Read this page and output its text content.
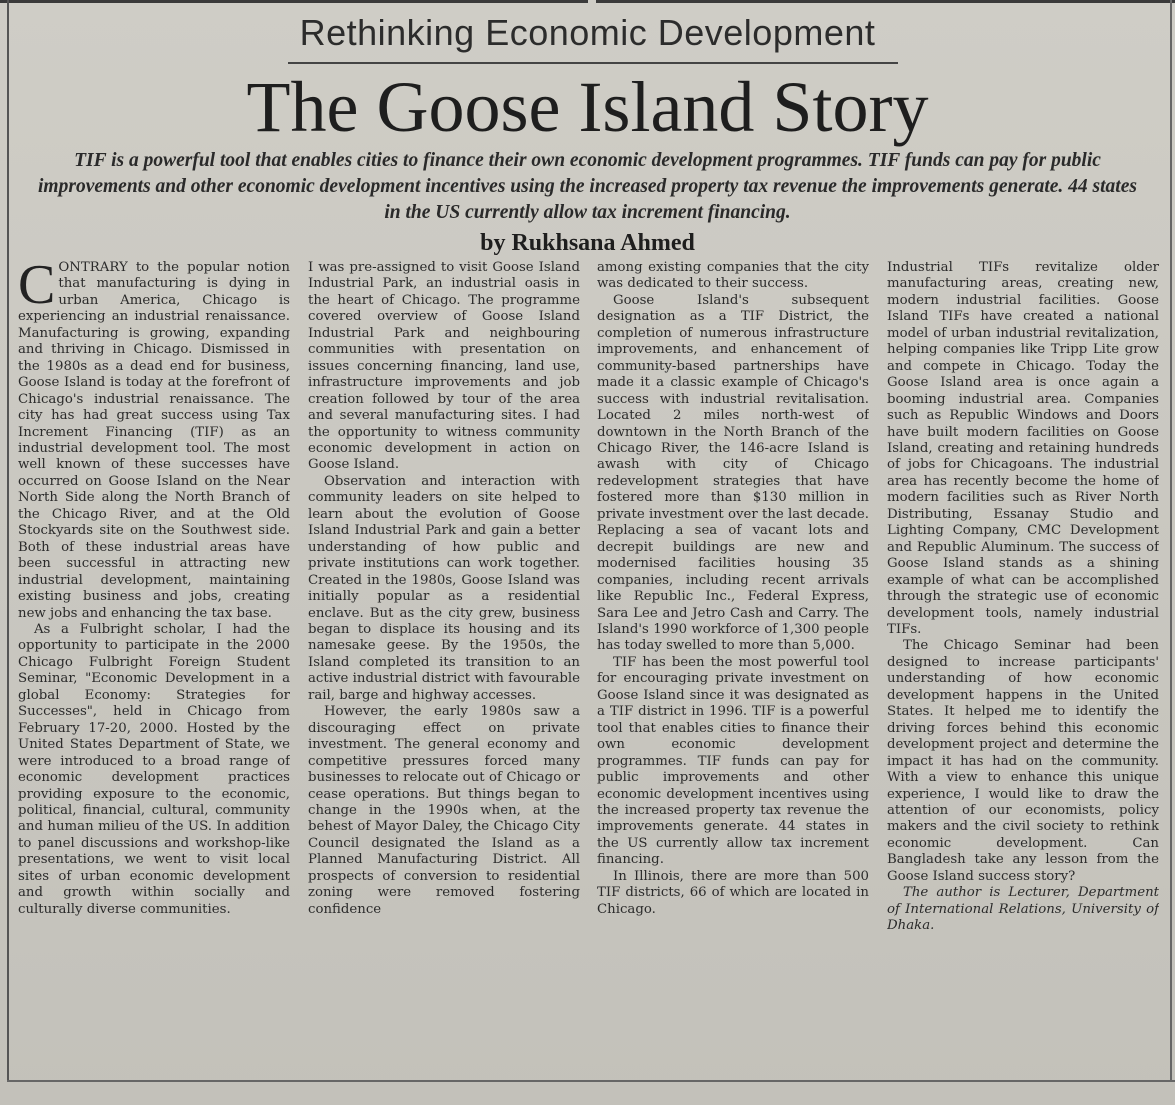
Rethinking Economic Development
The Goose Island Story
TIF is a powerful tool that enables cities to finance their own economic development programmes. TIF funds can pay for public improvements and other economic development incentives using the increased property tax revenue the improvements generate. 44 states in the US currently allow tax increment financing.
by Rukhsana Ahmed

CONTRARY to the popular notion that manufacturing is dying in urban America, Chicago is experiencing an industrial renaissance. Manufacturing is growing, expanding and thriving in Chicago. Dismissed in the 1980s as a dead end for business, Goose Island is today at the forefront of Chicago's industrial renaissance. The city has had great success using Tax Increment Financing (TIF) as an industrial development tool. The most well known of these successes have occurred on Goose Island on the Near North Side along the North Branch of the Chicago River, and at the Old Stockyards site on the Southwest side. Both of these industrial areas have been successful in attracting new industrial development, maintaining existing business and jobs, creating new jobs and enhancing the tax base.

As a Fulbright scholar, I had the opportunity to participate in the 2000 Chicago Fulbright Foreign Student Seminar, "Economic Development in a global Economy: Strategies for Successes", held in Chicago from February 17-20, 2000. Hosted by the United States Department of State, we were introduced to a broad range of economic development practices providing exposure to the economic, political, financial, cultural, community and human milieu of the US. In addition to panel discussions and workshop-like presentations, we went to visit local sites of urban economic development and growth within socially and culturally diverse communities.

I was pre-assigned to visit Goose Island Industrial Park, an industrial oasis in the heart of Chicago. The programme covered overview of Goose Island Industrial Park and neighbouring communities with presentation on issues concerning financing, land use, infrastructure improvements and job creation followed by tour of the area and several manufacturing sites. I had the opportunity to witness community economic development in action on Goose Island.

Observation and interaction with community leaders on site helped to learn about the evolution of Goose Island Industrial Park and gain a better understanding of how public and private institutions can work together. Created in the 1980s, Goose Island was initially popular as a residential enclave. But as the city grew, business began to displace its housing and its namesake geese. By the 1950s, the Island completed its transition to an active industrial district with favourable rail, barge and highway accesses.

However, the early 1980s saw a discouraging effect on private investment. The general economy and competitive pressures forced many businesses to relocate out of Chicago or cease operations. But things began to change in the 1990s when, at the behest of Mayor Daley, the Chicago City Council designated the Island as a Planned Manufacturing District. All prospects of conversion to residential zoning were removed fostering confidence

among existing companies that the city was dedicated to their success.

Goose Island's subsequent designation as a TIF District, the completion of numerous infrastructure improvements, and enhancement of community-based partnerships have made it a classic example of Chicago's success with industrial revitalisation. Located 2 miles north-west of downtown in the North Branch of the Chicago River, the 146-acre Island is awash with city of Chicago redevelopment strategies that have fostered more than $130 million in private investment over the last decade. Replacing a sea of vacant lots and decrepit buildings are new and modernised facilities housing 35 companies, including recent arrivals like Republic Inc., Federal Express, Sara Lee and Jetro Cash and Carry. The Island's 1990 workforce of 1,300 people has today swelled to more than 5,000.

TIF has been the most powerful tool for encouraging private investment on Goose Island since it was designated as a TIF district in 1996. TIF is a powerful tool that enables cities to finance their own economic development programmes. TIF funds can pay for public improvements and other economic development incentives using the increased property tax revenue the improvements generate. 44 states in the US currently allow tax increment financing.

In Illinois, there are more than 500 TIF districts, 66 of which are located in Chicago.

Industrial TIFs revitalize older manufacturing areas, creating new, modern industrial facilities. Goose Island TIFs have created a national model of urban industrial revitalization, helping companies like Tripp Lite grow and compete in Chicago. Today the Goose Island area is once again a booming industrial area. Companies such as Republic Windows and Doors have built modern facilities on Goose Island, creating and retaining hundreds of jobs for Chicagoans. The industrial area has recently become the home of modern facilities such as River North Distributing, Essanay Studio and Lighting Company, CMC Development and Republic Aluminum. The success of Goose Island stands as a shining example of what can be accomplished through the strategic use of economic development tools, namely industrial TIFs.

The Chicago Seminar had been designed to increase participants' understanding of how economic development happens in the United States. It helped me to identify the driving forces behind this economic development project and determine the impact it has had on the community. With a view to enhance this unique experience, I would like to draw the attention of our economists, policy makers and the civil society to rethink economic development. Can Bangladesh take any lesson from the Goose Island success story?

The author is Lecturer, Department of International Relations, University of Dhaka.
